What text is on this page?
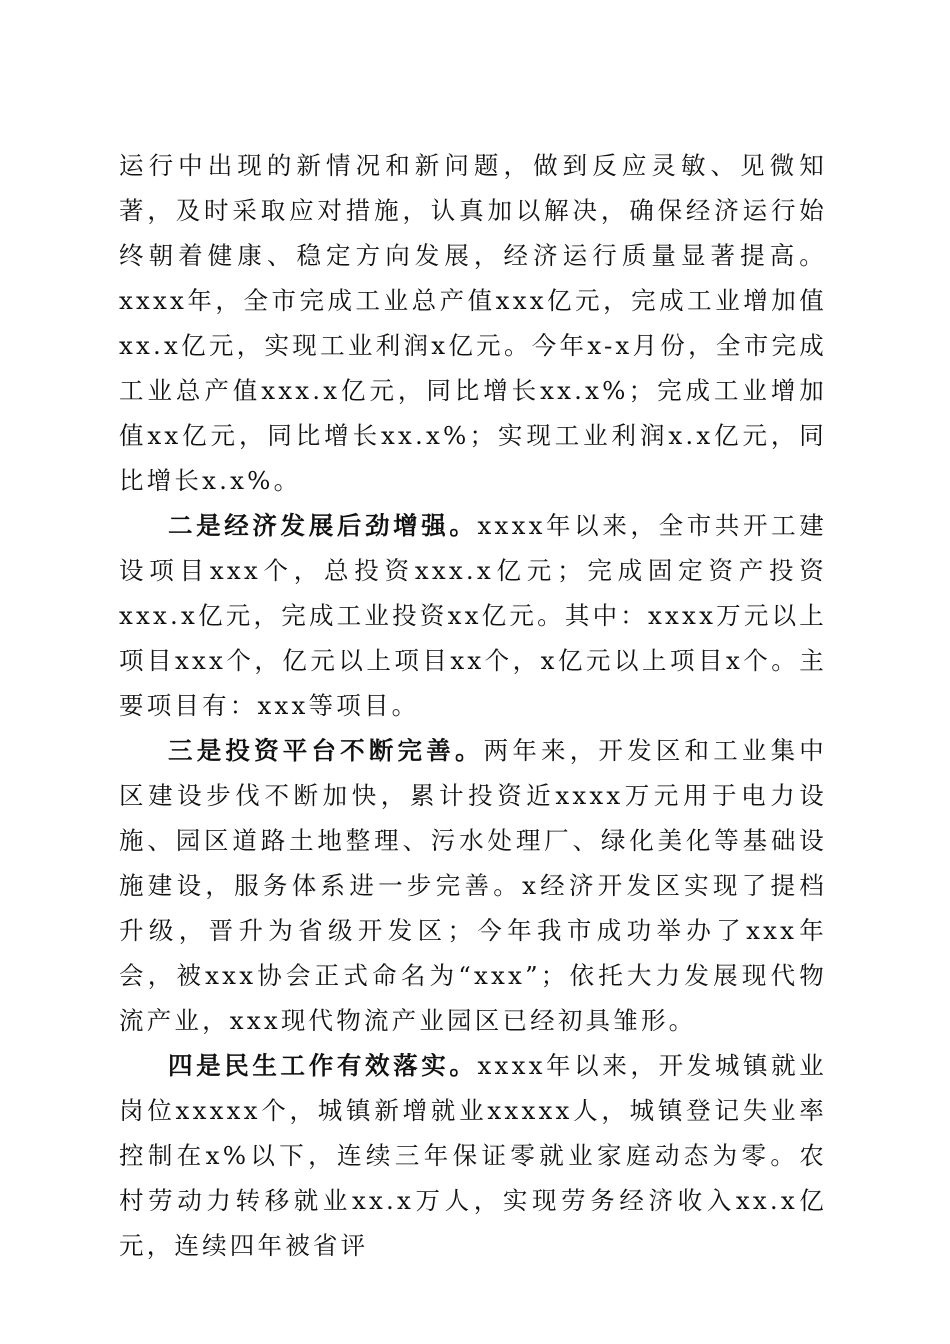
运行中出现的新情况和新问题，做到反应灵敏、见微知著，及时采取应对措施，认真加以解决，确保经济运行始终朝着健康、稳定方向发展，经济运行质量显著提高。xxxx年，全市完成工业总产值xxx亿元，完成工业增加值xx.x亿元，实现工业利润x亿元。今年x-x月份，全市完成工业总产值xxx.x亿元，同比增长xx.x%；完成工业增加值xx亿元，同比增长xx.x%；实现工业利润x.x亿元，同比增长x.x%。

二是经济发展后劲增强。xxxx年以来，全市共开工建设项目xxx个，总投资xxx.x亿元；完成固定资产投资xxx.x亿元，完成工业投资xx亿元。其中：xxxx万元以上项目xxx个，亿元以上项目xx个，x亿元以上项目x个。主要项目有：xxx等项目。

三是投资平台不断完善。两年来，开发区和工业集中区建设步伐不断加快，累计投资近xxxx万元用于电力设施、园区道路土地整理、污水处理厂、绿化美化等基础设施建设，服务体系进一步完善。x经济开发区实现了提档升级，晋升为省级开发区；今年我市成功举办了xxx年会，被xxx协会正式命名为“xxx”；依托大力发展现代物流产业，xxx现代物流产业园区已经初具雏形。

四是民生工作有效落实。xxxx年以来，开发城镇就业岗位xxxxx个，城镇新增就业xxxxx人，城镇登记失业率控制在x%以下，连续三年保证零就业家庭动态为零。农村劳动力转移就业xx.x万人，实现劳务经济收入xx.x亿元，连续四年被省评
